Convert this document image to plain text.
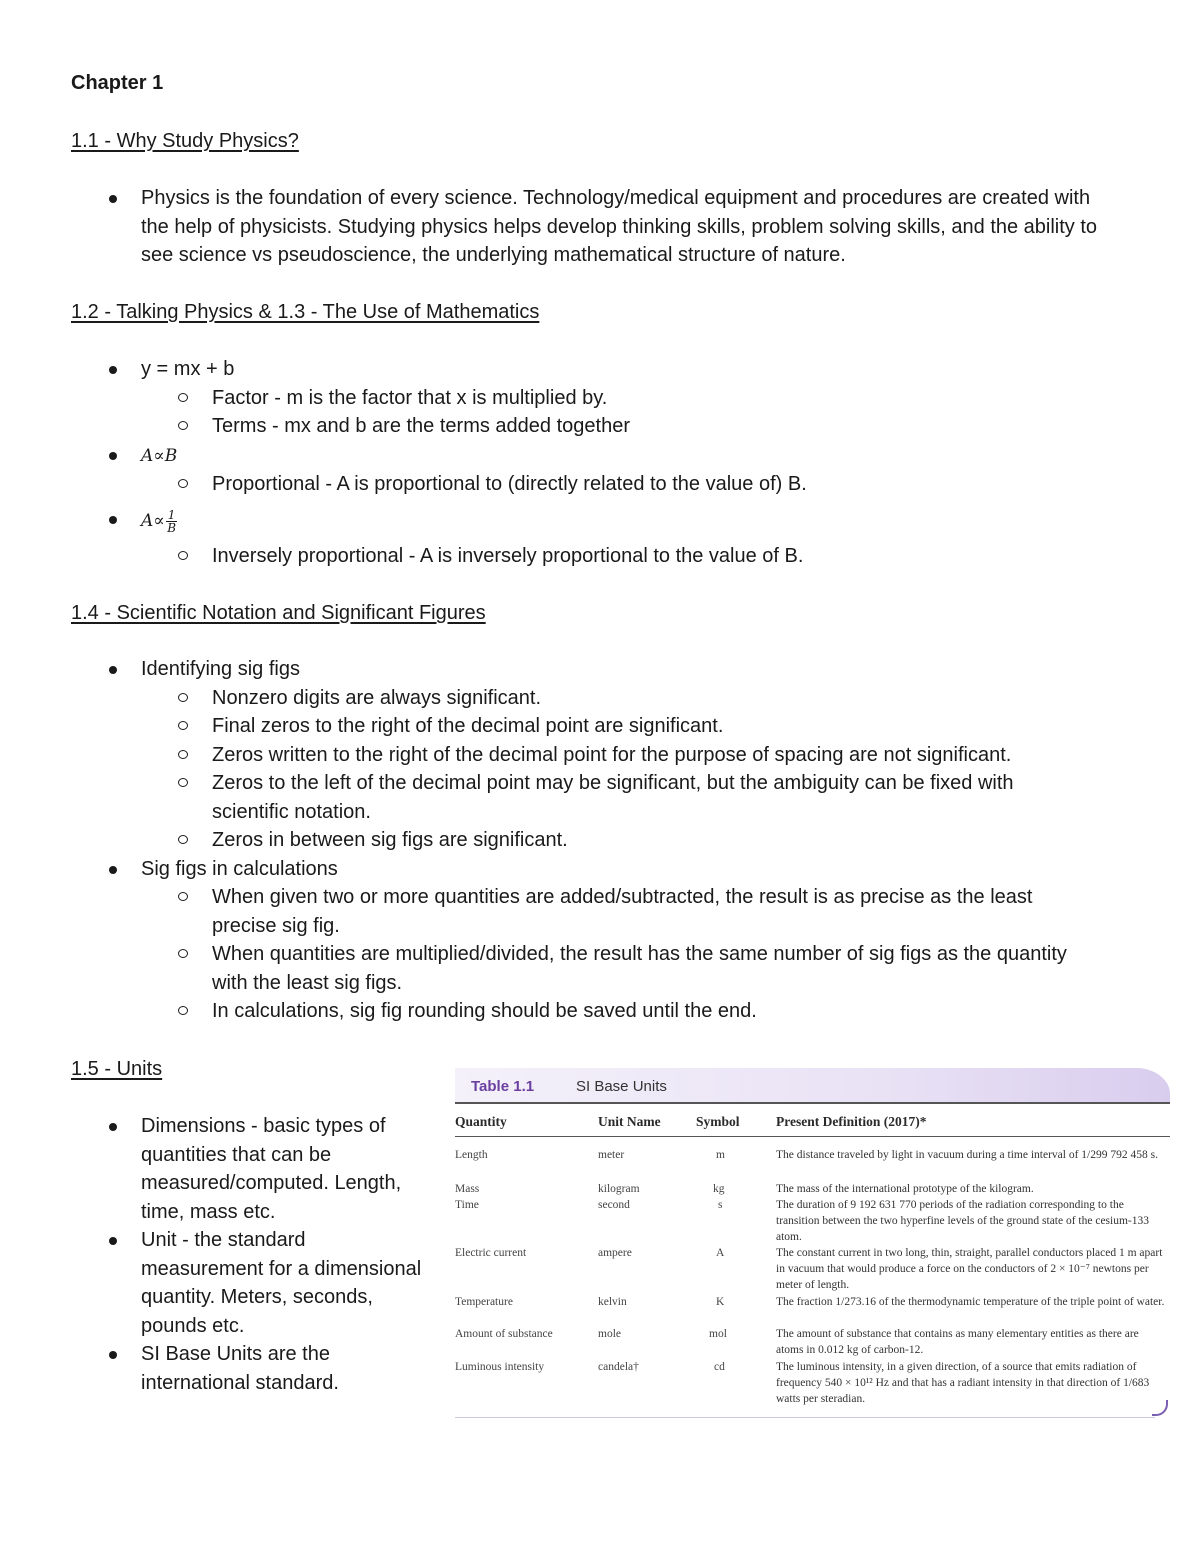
Chapter 1
1.1 - Why Study Physics?
Physics is the foundation of every science. Technology/medical equipment and procedures are created with the help of physicists. Studying physics helps develop thinking skills, problem solving skills, and the ability to see science vs pseudoscience, the underlying mathematical structure of nature.
1.2 - Talking Physics & 1.3 - The Use of Mathematics
y = mx + b
Factor - m is the factor that x is multiplied by.
Terms - mx and b are the terms added together
A∝B
Proportional - A is proportional to (directly related to the value of) B.
$A\propto \frac{1}{B}$
Inversely proportional - A is inversely proportional to the value of B.
1.4 - Scientific Notation and Significant Figures
Identifying sig figs
Nonzero digits are always significant.
Final zeros to the right of the decimal point are significant.
Zeros written to the right of the decimal point for the purpose of spacing are not significant.
Zeros to the left of the decimal point may be significant, but the ambiguity can be fixed with scientific notation.
Zeros in between sig figs are significant.
Sig figs in calculations
When given two or more quantities are added/subtracted, the result is as precise as the least precise sig fig.
When quantities are multiplied/divided, the result has the same number of sig figs as the quantity with the least sig figs.
In calculations, sig fig rounding should be saved until the end.
1.5 - Units
Dimensions - basic types of quantities that can be measured/computed. Length, time, mass etc.
Unit - the standard measurement for a dimensional quantity. Meters, seconds, pounds etc.
SI Base Units are the international standard.
Table 1.1	SI Base Units
Quantity	Unit Name	Symbol	Present Definition (2017)*
Length	meter	m	The distance traveled by light in vacuum during a time interval of 1/299 792 458 s.
Mass	kilogram	kg	The mass of the international prototype of the kilogram.
Time	second	s	The duration of 9 192 631 770 periods of the radiation corresponding to the transition between the two hyperfine levels of the ground state of the cesium-133 atom.
Electric current	ampere	A	The constant current in two long, thin, straight, parallel conductors placed 1 m apart in vacuum that would produce a force on the conductors of 2 × 10⁻⁷ newtons per meter of length.
Temperature	kelvin	K	The fraction 1/273.16 of the thermodynamic temperature of the triple point of water.
Amount of substance	mole	mol	The amount of substance that contains as many elementary entities as there are atoms in 0.012 kg of carbon-12.
Luminous intensity	candela†	cd	The luminous intensity, in a given direction, of a source that emits radiation of frequency 540 × 10¹² Hz and that has a radiant intensity in that direction of 1/683 watts per steradian.
